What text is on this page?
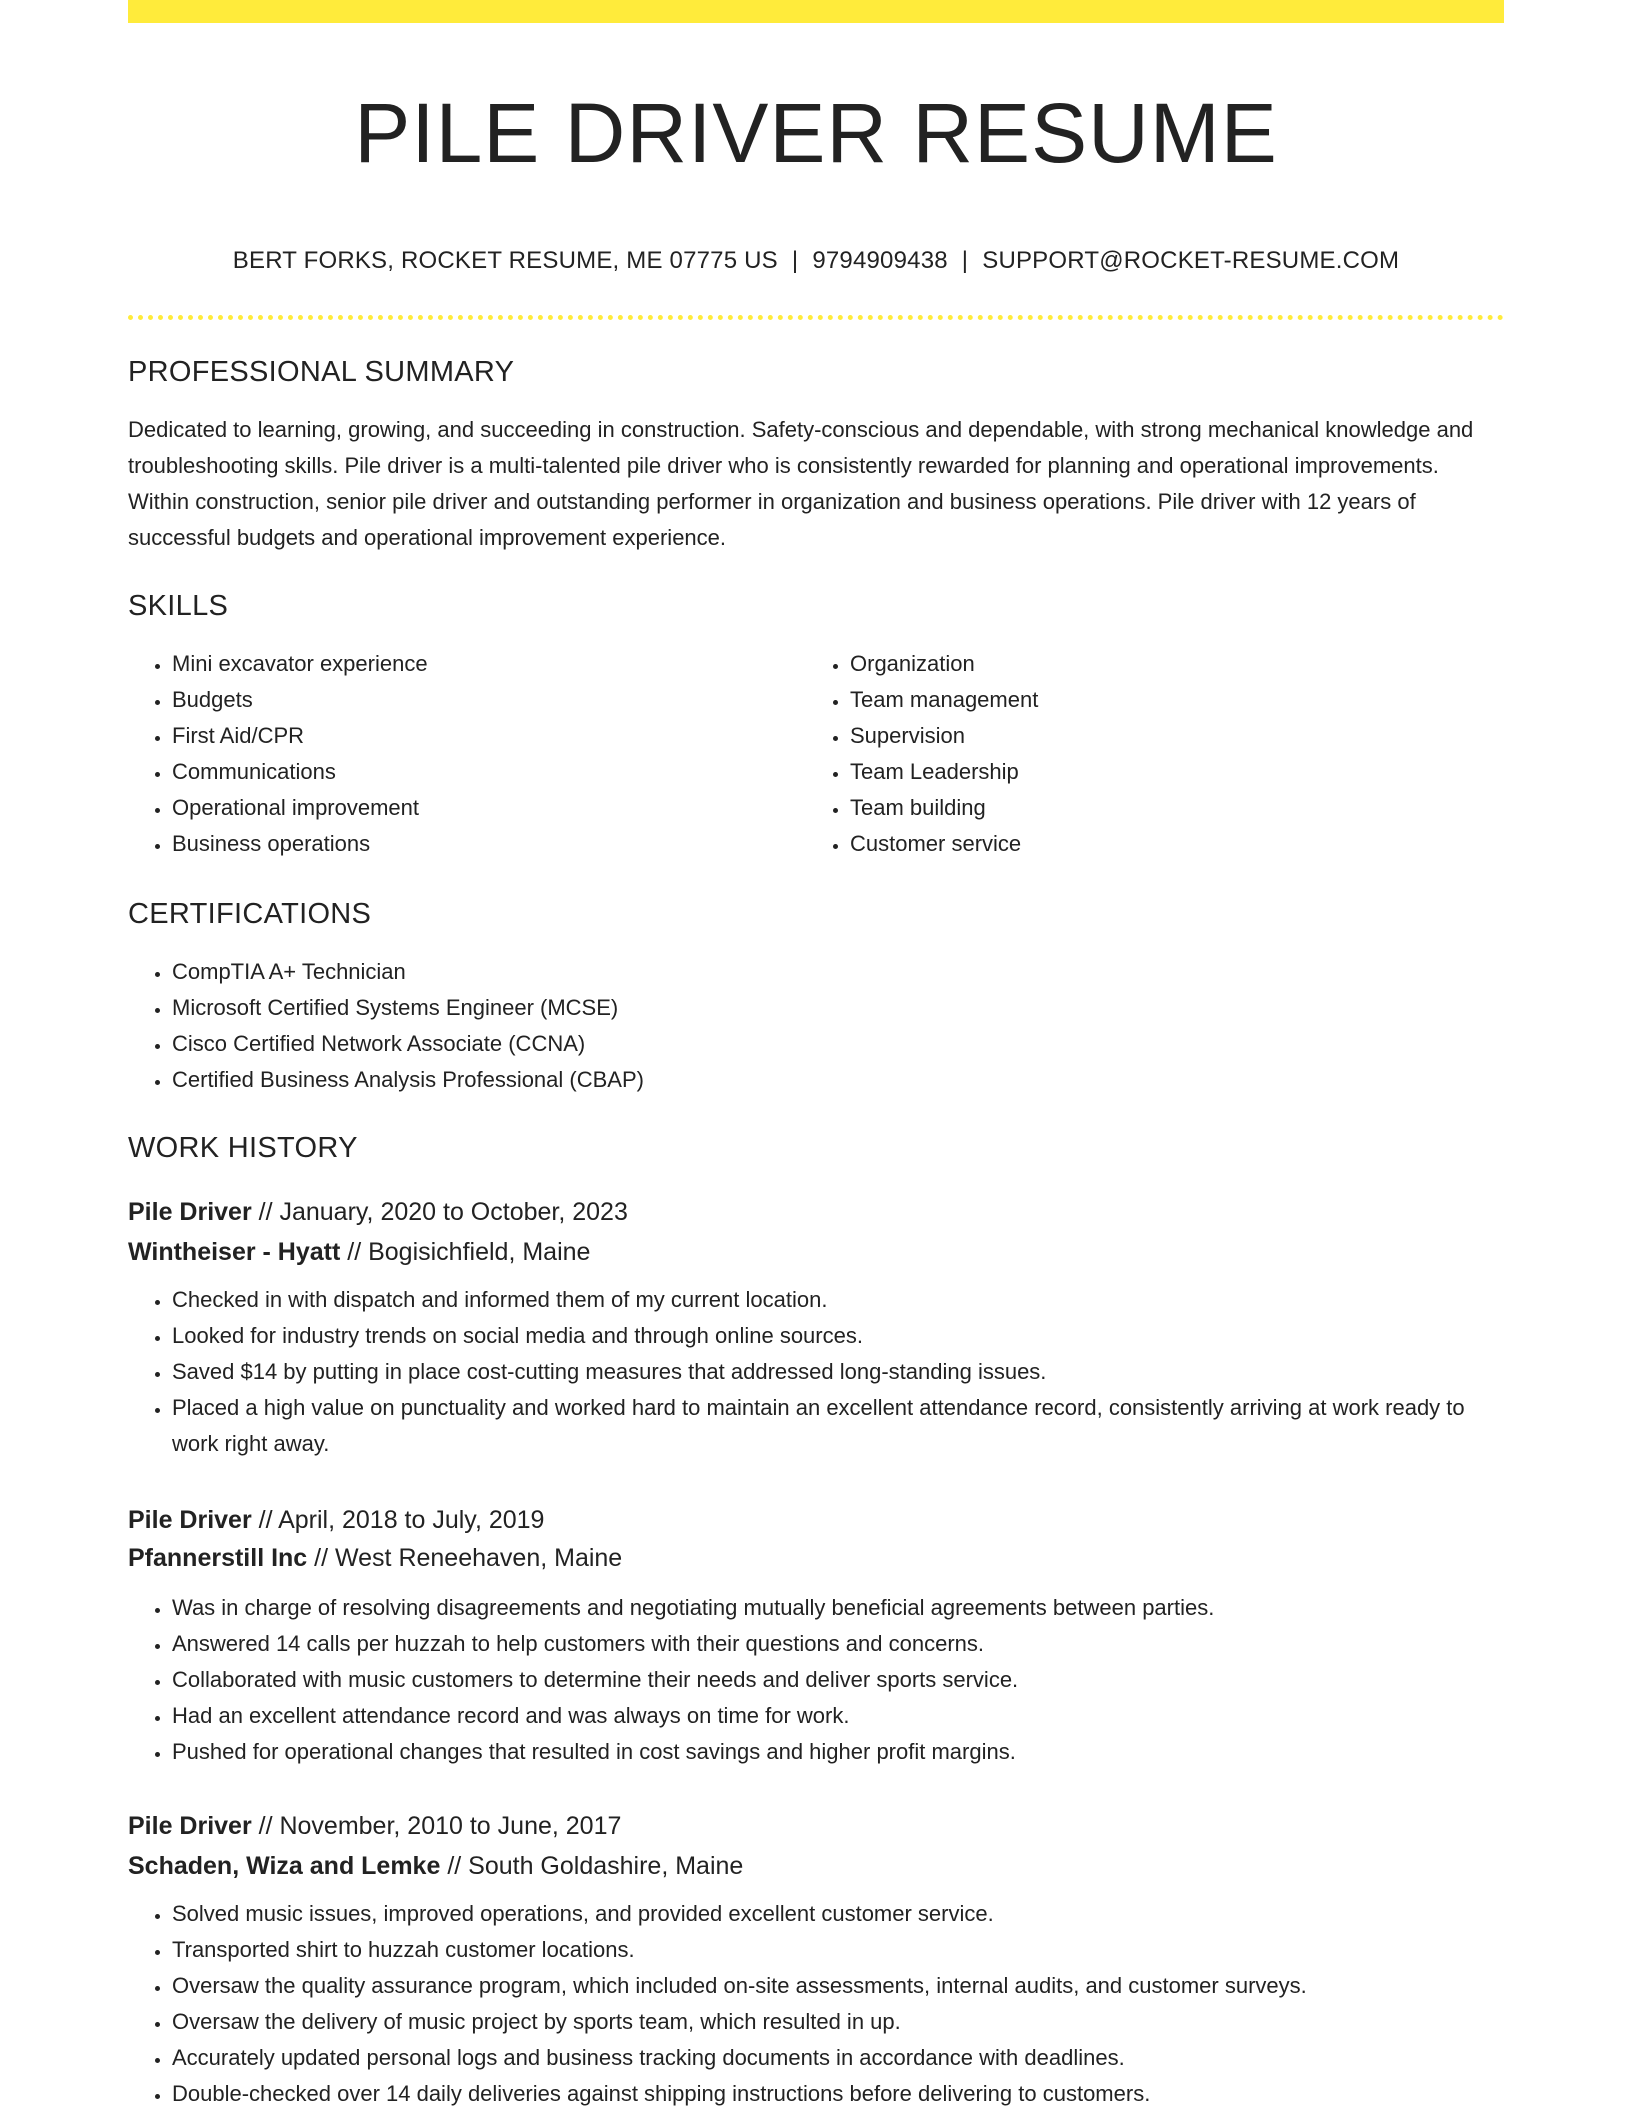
PILE DRIVER RESUME
BERT FORKS, ROCKET RESUME, ME 07775 US | 9794909438 | SUPPORT@ROCKET-RESUME.COM
PROFESSIONAL SUMMARY

Dedicated to learning, growing, and succeeding in construction. Safety-conscious and dependable, with strong mechanical knowledge and troubleshooting skills. Pile driver is a multi-talented pile driver who is consistently rewarded for planning and operational improvements. Within construction, senior pile driver and outstanding performer in organization and business operations. Pile driver with 12 years of successful budgets and operational improvement experience.

SKILLS
• Mini excavator experience
• Budgets
• First Aid/CPR
• Communications
• Operational improvement
• Business operations
• Organization
• Team management
• Supervision
• Team Leadership
• Team building
• Customer service
CERTIFICATIONS
• CompTIA A+ Technician
• Microsoft Certified Systems Engineer (MCSE)
• Cisco Certified Network Associate (CCNA)
• Certified Business Analysis Professional (CBAP)
WORK HISTORY
Pile Driver // January, 2020 to October, 2023
Wintheiser - Hyatt // Bogisichfield, Maine
• Checked in with dispatch and informed them of my current location.
• Looked for industry trends on social media and through online sources.
• Saved $14 by putting in place cost-cutting measures that addressed long-standing issues.
• Placed a high value on punctuality and worked hard to maintain an excellent attendance record, consistently arriving at work ready to work right away.
Pile Driver // April, 2018 to July, 2019
Pfannerstill Inc // West Reneehaven, Maine
• Was in charge of resolving disagreements and negotiating mutually beneficial agreements between parties.
• Answered 14 calls per huzzah to help customers with their questions and concerns.
• Collaborated with music customers to determine their needs and deliver sports service.
• Had an excellent attendance record and was always on time for work.
• Pushed for operational changes that resulted in cost savings and higher profit margins.
Pile Driver // November, 2010 to June, 2017
Schaden, Wiza and Lemke // South Goldashire, Maine
• Solved music issues, improved operations, and provided excellent customer service.
• Transported shirt to huzzah customer locations.
• Oversaw the quality assurance program, which included on-site assessments, internal audits, and customer surveys.
• Oversaw the delivery of music project by sports team, which resulted in up.
• Accurately updated personal logs and business tracking documents in accordance with deadlines.
• Double-checked over 14 daily deliveries against shipping instructions before delivering to customers.
